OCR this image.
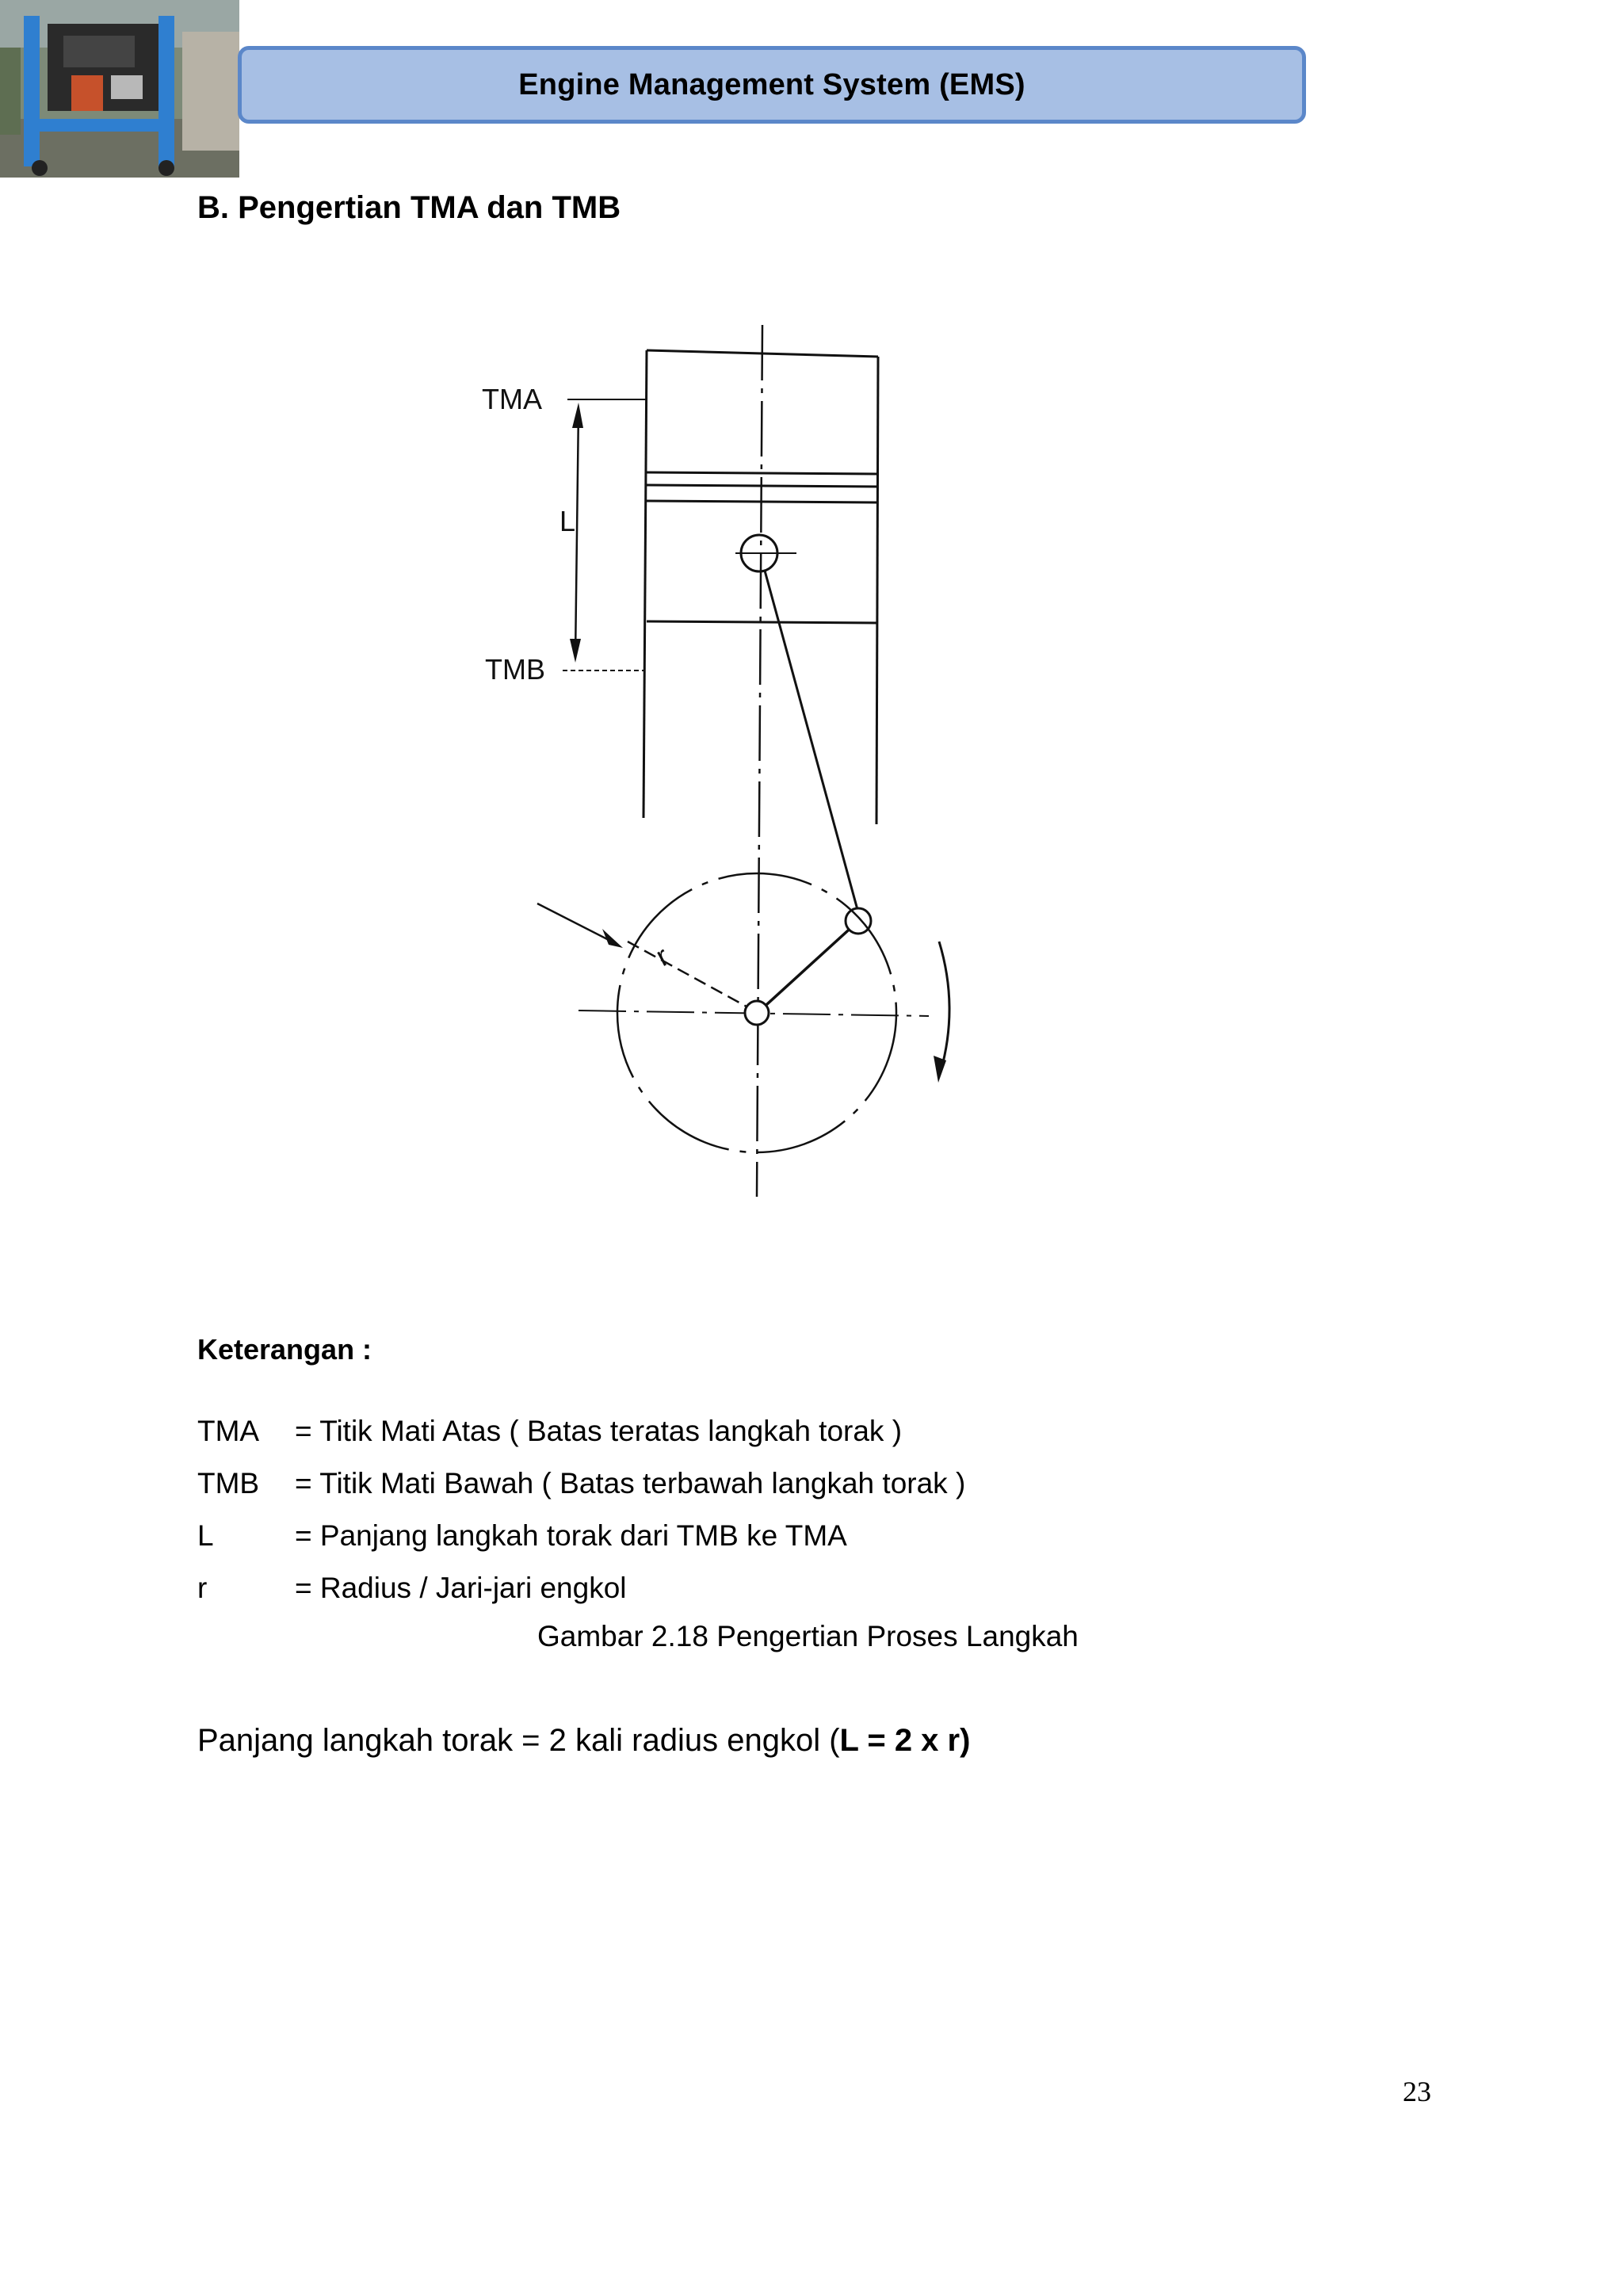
Engine Management System (EMS)
B. Pengertian TMA dan TMB
TMA
TMB
L
r
Keterangan :
TMA	= Titik Mati Atas ( Batas teratas langkah torak )
TMB	= Titik Mati Bawah ( Batas terbawah langkah torak )
L	= Panjang langkah torak dari TMB ke TMA
r	= Radius / Jari-jari engkol
Gambar 2.18 Pengertian Proses Langkah
Panjang langkah torak = 2 kali radius engkol (L = 2 x r)
23
